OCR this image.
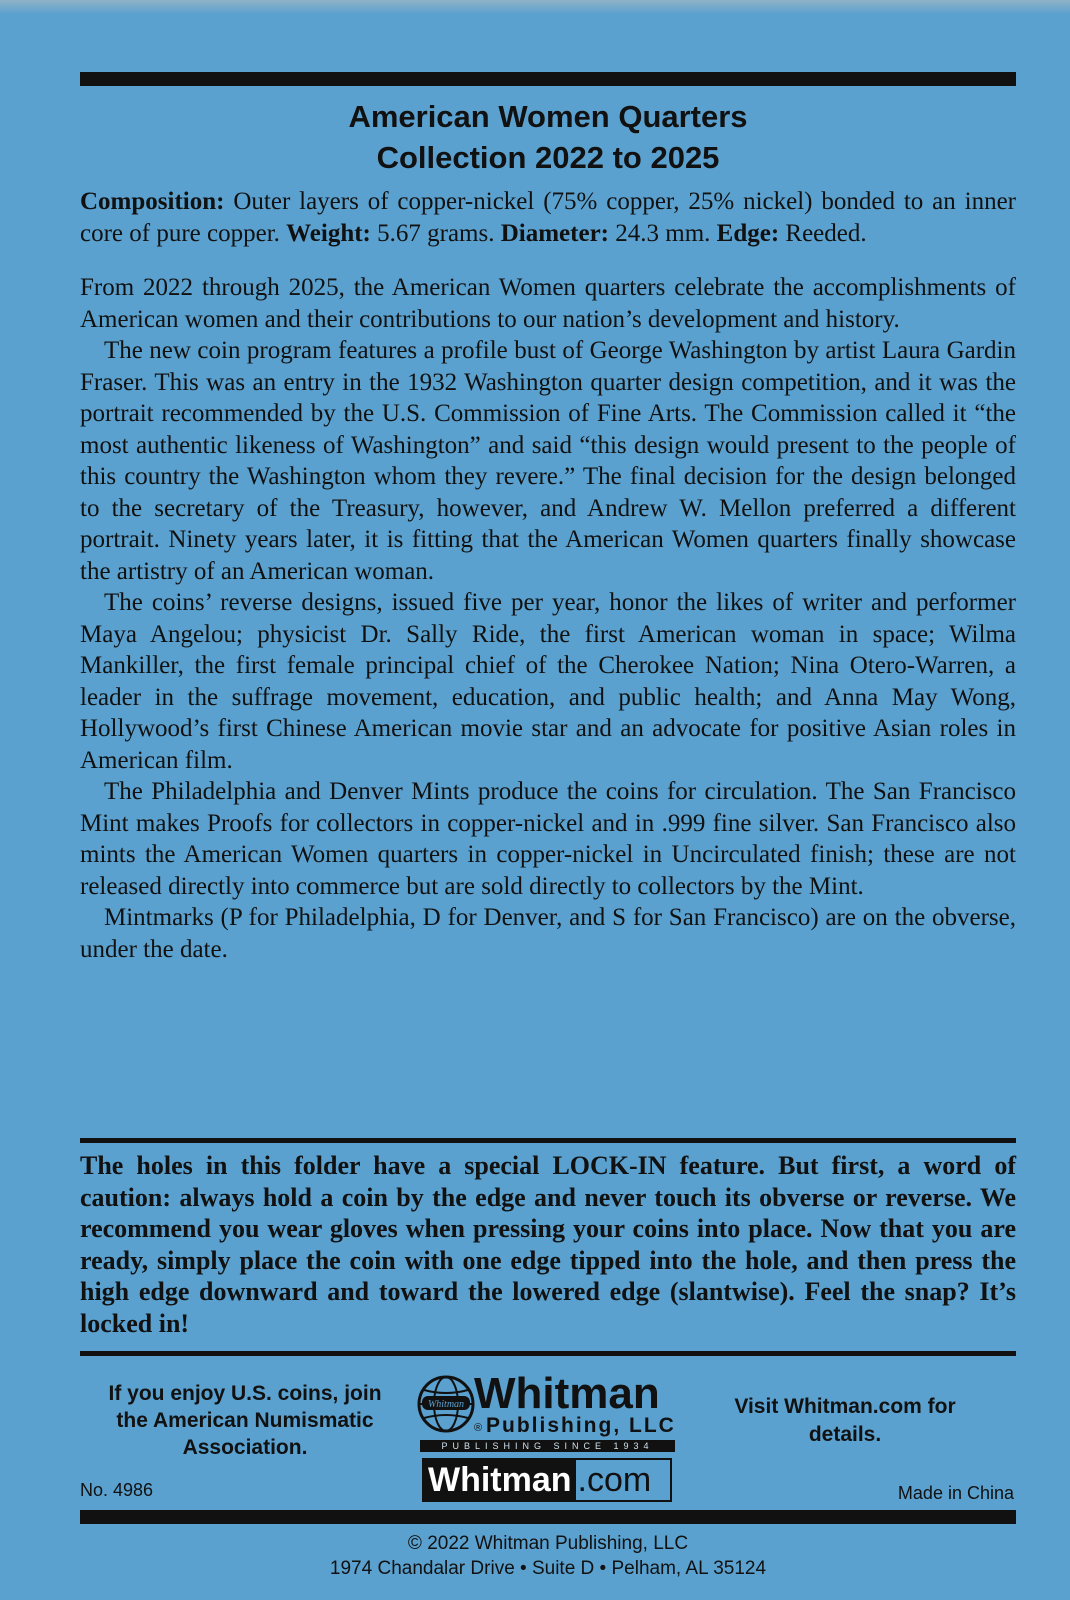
American Women Quarters
Collection 2022 to 2025

Composition: Outer layers of copper-nickel (75% copper, 25% nickel) bonded to an inner core of pure copper. Weight: 5.67 grams. Diameter: 24.3 mm. Edge: Reeded.

From 2022 through 2025, the American Women quarters celebrate the accomplishments of American women and their contributions to our nation’s development and history.

The new coin program features a profile bust of George Washington by artist Laura Gardin Fraser. This was an entry in the 1932 Washington quarter design competition, and it was the portrait recommended by the U.S. Commission of Fine Arts. The Commission called it “the most authentic likeness of Washington” and said “this design would present to the people of this country the Washington whom they revere.” The final decision for the design belonged to the secretary of the Treasury, however, and Andrew W. Mellon preferred a different portrait. Ninety years later, it is fitting that the American Women quarters finally showcase the artistry of an American woman.

The coins’ reverse designs, issued five per year, honor the likes of writer and performer Maya Angelou; physicist Dr. Sally Ride, the first American woman in space; Wilma Mankiller, the first female principal chief of the Cherokee Nation; Nina Otero-Warren, a leader in the suffrage movement, education, and public health; and Anna May Wong, Hollywood’s first Chinese American movie star and an advocate for positive Asian roles in American film.

The Philadelphia and Denver Mints produce the coins for circulation. The San Francisco Mint makes Proofs for collectors in copper-nickel and in .999 fine silver. San Francisco also mints the American Women quarters in copper-nickel in Uncirculated finish; these are not released directly into commerce but are sold directly to collectors by the Mint.

Mintmarks (P for Philadelphia, D for Denver, and S for San Francisco) are on the obverse, under the date.

The holes in this folder have a special LOCK-IN feature. But first, a word of caution: always hold a coin by the edge and never touch its obverse or reverse. We recommend you wear gloves when pressing your coins into place. Now that you are ready, simply place the coin with one edge tipped into the hole, and then press the high edge downward and toward the lowered edge (slantwise). Feel the snap? It’s locked in!
If you enjoy U.S. coins, join the American Numismatic Association.
Whitman Whitman
® Publishing, LLC
PUBLISHING SINCE 1934
Whitman .com
Visit Whitman.com for details.
No. 4986	Made in China
© 2022 Whitman Publishing, LLC
1974 Chandalar Drive • Suite D • Pelham, AL 35124
